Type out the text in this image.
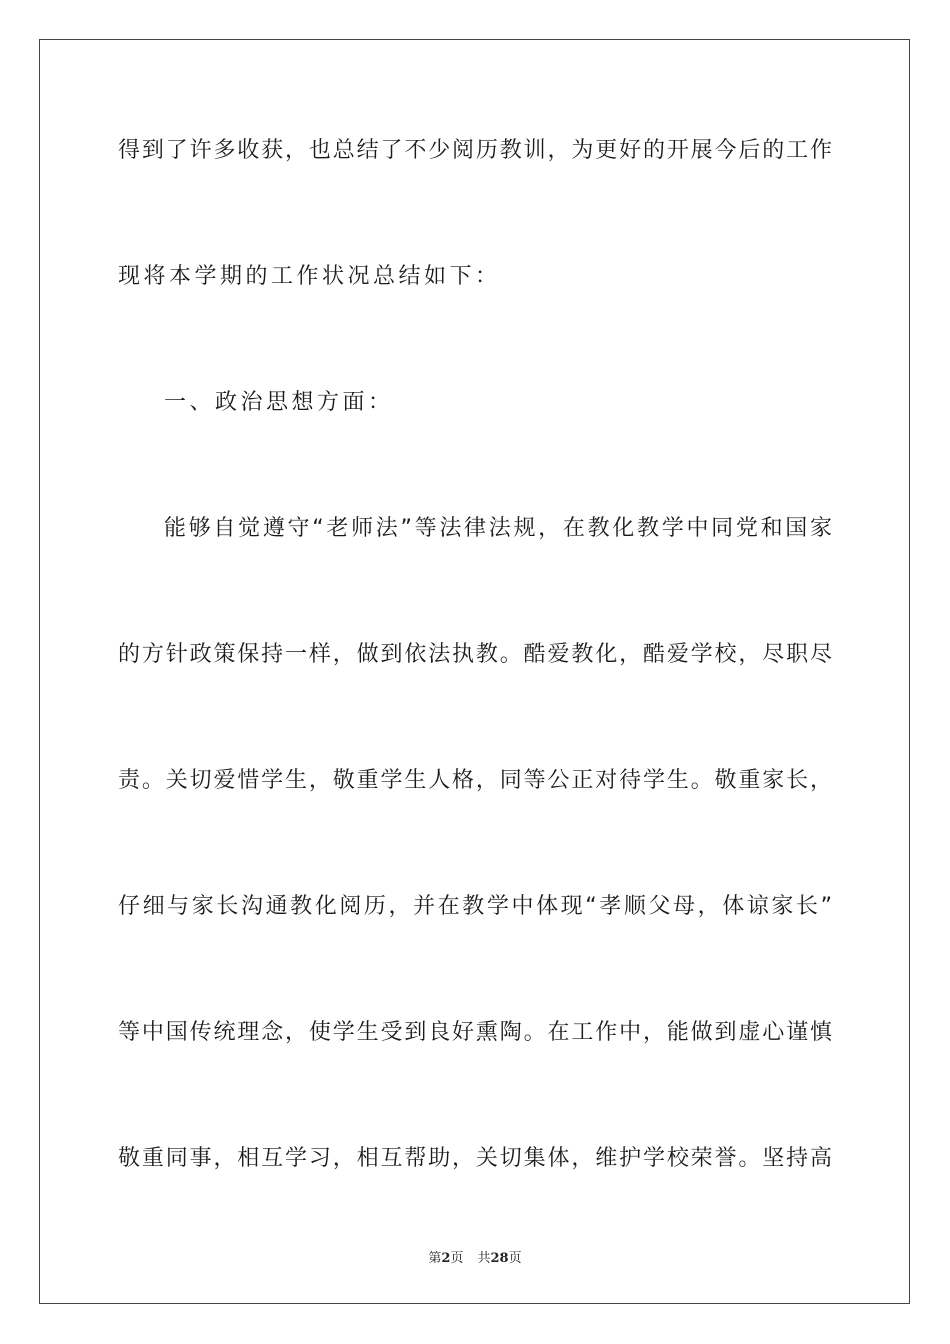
得到了许多收获，也总结了不少阅历教训，为更好的开展今后的工作
现将本学期的工作状况总结如下：
一、政治思想方面：
能够自觉遵守“老师法”等法律法规，在教化教学中同党和国家
的方针政策保持一样，做到依法执教。酷爱教化，酷爱学校，尽职尽
责。关切爱惜学生，敬重学生人格，同等公正对待学生。敬重家长，
仔细与家长沟通教化阅历，并在教学中体现“孝顺父母，体谅家长”
等中国传统理念，使学生受到良好熏陶。在工作中，能做到虚心谨慎
敬重同事，相互学习，相互帮助，关切集体，维护学校荣誉。坚持高
第2页 共28页
